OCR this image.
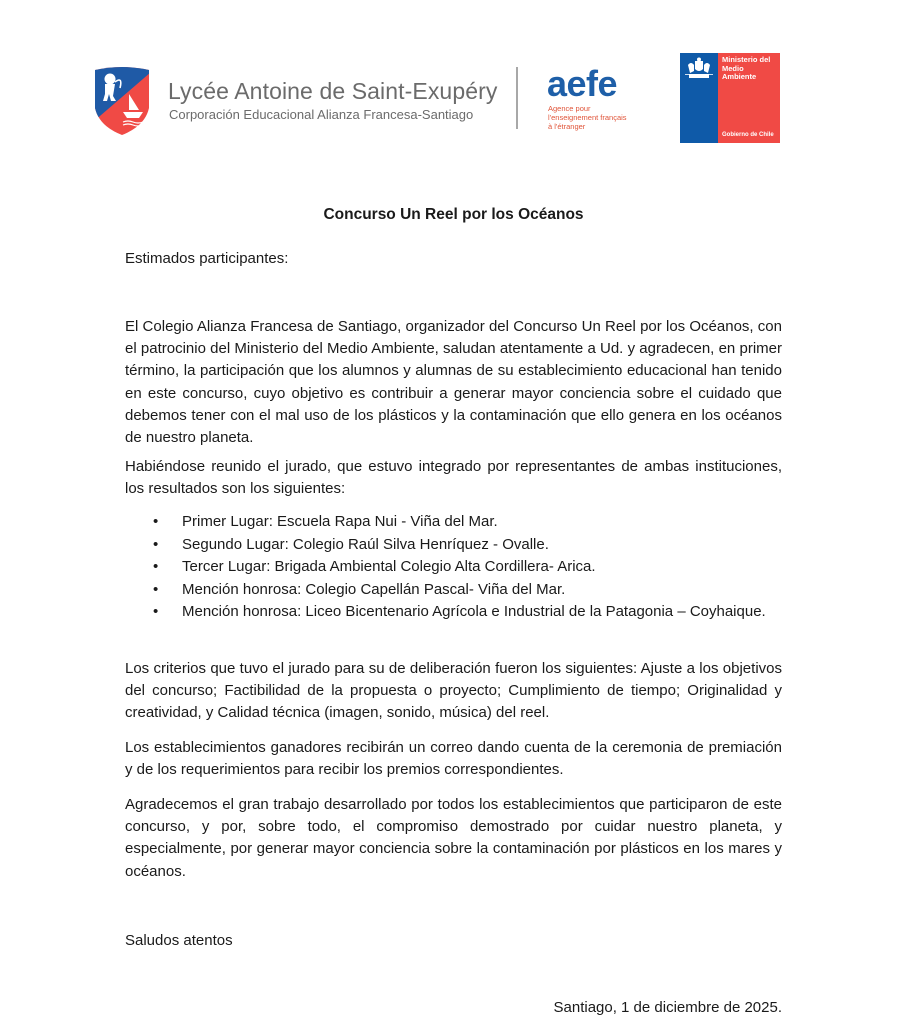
Lycée Antoine de Saint-Exupéry
Corporación Educacional Alianza Francesa-Santiago
aefe
Agence pour
l'enseignement français
à l'étranger
Ministerio del
Medio
Ambiente
Gobierno de Chile
Concurso Un Reel por los Océanos
Estimados participantes:
El Colegio Alianza Francesa de Santiago, organizador del Concurso Un Reel por los Océanos, con el patrocinio del Ministerio del Medio Ambiente, saludan atentamente a Ud. y agradecen, en primer término, la participación que los alumnos y alumnas de su establecimiento educacional han tenido en este concurso, cuyo objetivo es contribuir a generar mayor conciencia sobre el cuidado que debemos tener con el mal uso de los plásticos y la contaminación que ello genera en los océanos de nuestro planeta.
Habiéndose reunido el jurado, que estuvo integrado por representantes de ambas instituciones, los resultados son los siguientes:
• Primer Lugar: Escuela Rapa Nui - Viña del Mar.
• Segundo Lugar: Colegio Raúl Silva Henríquez - Ovalle.
• Tercer Lugar: Brigada Ambiental Colegio Alta Cordillera- Arica.
• Mención honrosa: Colegio Capellán Pascal- Viña del Mar.
• Mención honrosa: Liceo Bicentenario Agrícola e Industrial de la Patagonia – Coyhaique.
Los criterios que tuvo el jurado para su de deliberación fueron los siguientes: Ajuste a los objetivos del concurso; Factibilidad de la propuesta o proyecto; Cumplimiento de tiempo; Originalidad y creatividad, y Calidad técnica (imagen, sonido, música) del reel.
Los establecimientos ganadores recibirán un correo dando cuenta de la ceremonia de premiación y de los requerimientos para recibir los premios correspondientes.
Agradecemos el gran trabajo desarrollado por todos los establecimientos que participaron de este concurso, y por, sobre todo, el compromiso demostrado por cuidar nuestro planeta, y especialmente, por generar mayor conciencia sobre la contaminación por plásticos en los mares y océanos.
Saludos atentos
Santiago, 1 de diciembre de 2025.
